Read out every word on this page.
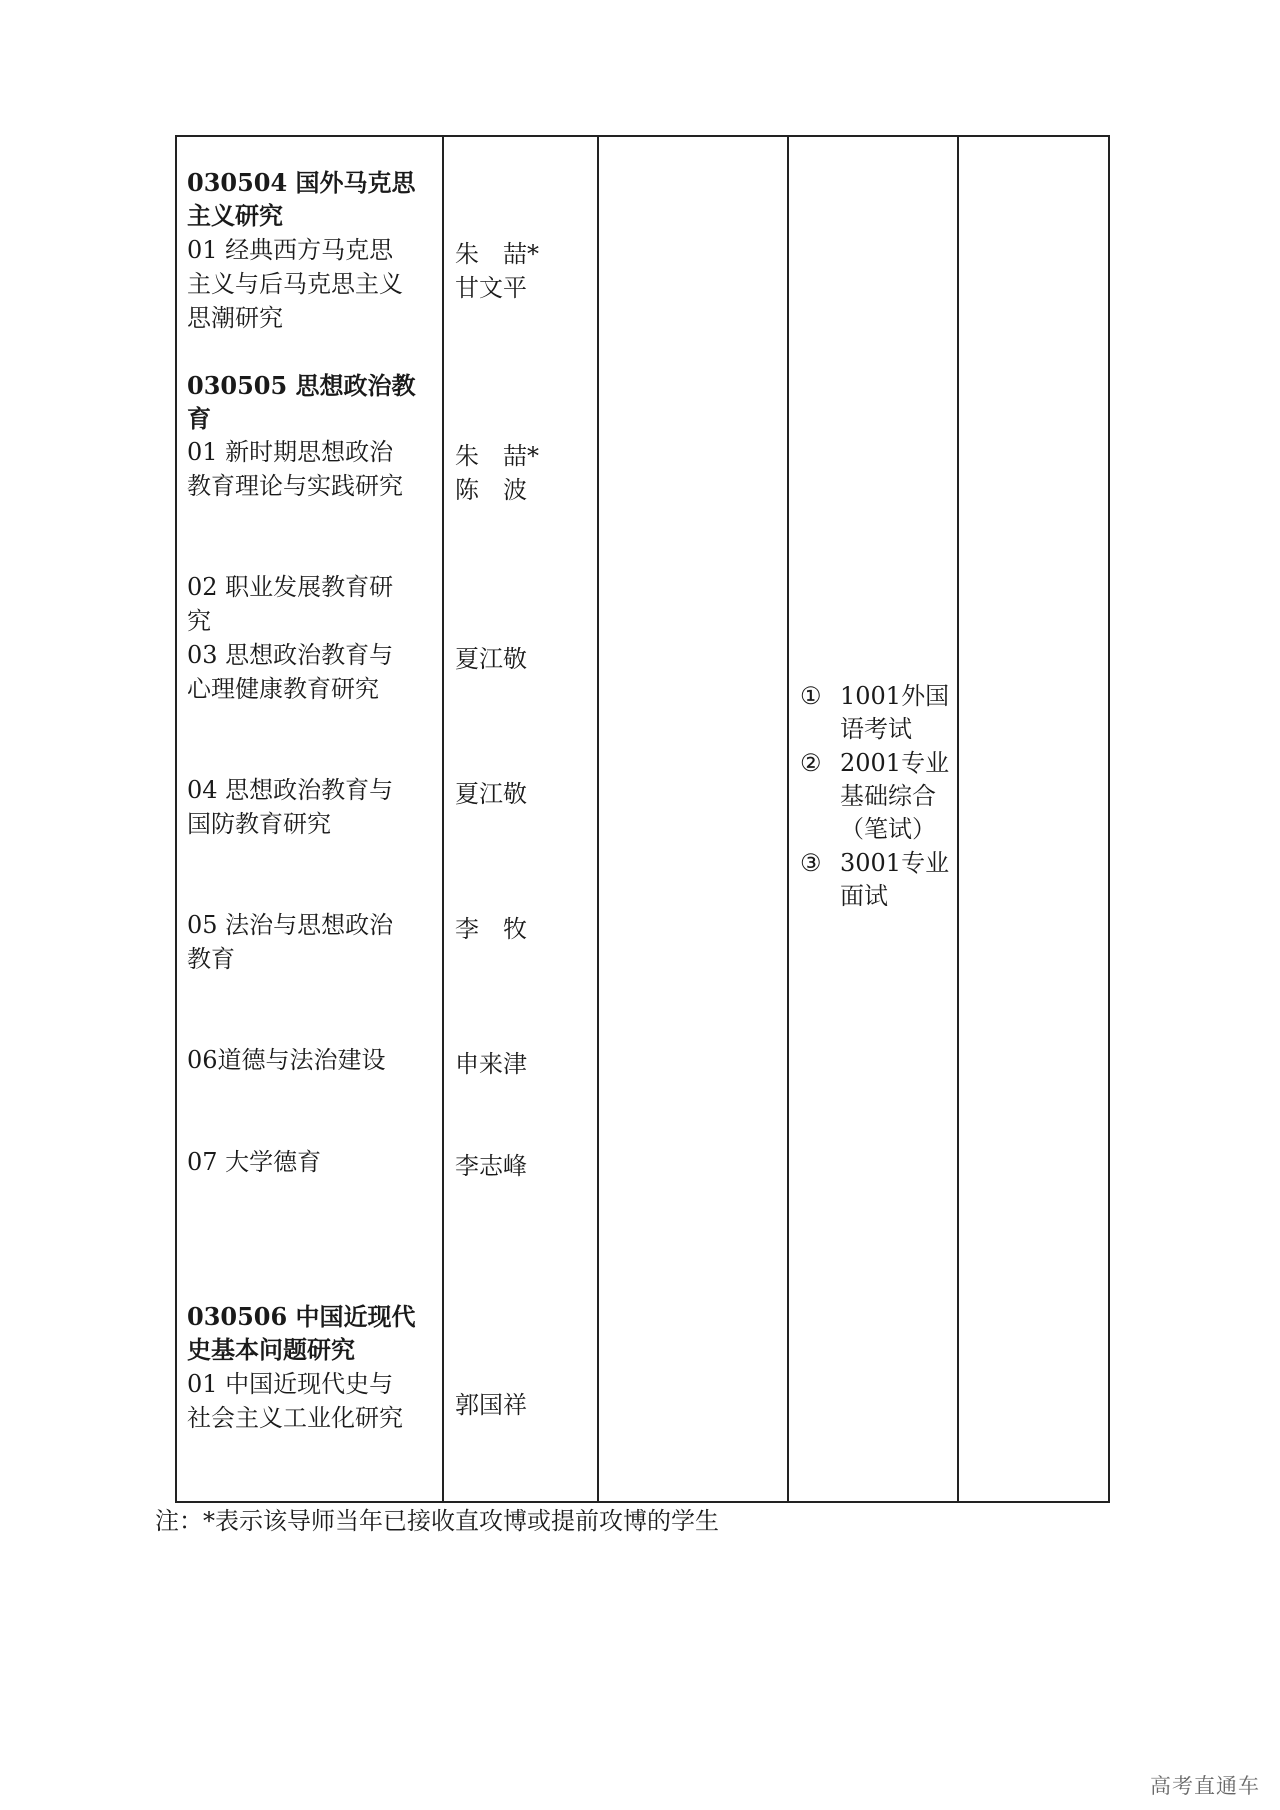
030504 国外马克思
主义研究
01 经典西方马克思
主义与后马克思主义
思潮研究
030505 思想政治教
育
01 新时期思想政治
教育理论与实践研究
02 职业发展教育研
究
03 思想政治教育与
心理健康教育研究
04 思想政治教育与
国防教育研究
05 法治与思想政治
教育
06道德与法治建设
07 大学德育
030506 中国近现代
史基本问题研究
01 中国近现代史与
社会主义工业化研究
朱　喆*
甘文平
朱　喆*
陈　波
夏江敬
夏江敬
李　牧
申来津
李志峰
郭国祥
① 1001外国
语考试
② 2001专业
基础综合
（笔试）
③ 3001专业
面试
注：*表示该导师当年已接收直攻博或提前攻博的学生
高考直通车
